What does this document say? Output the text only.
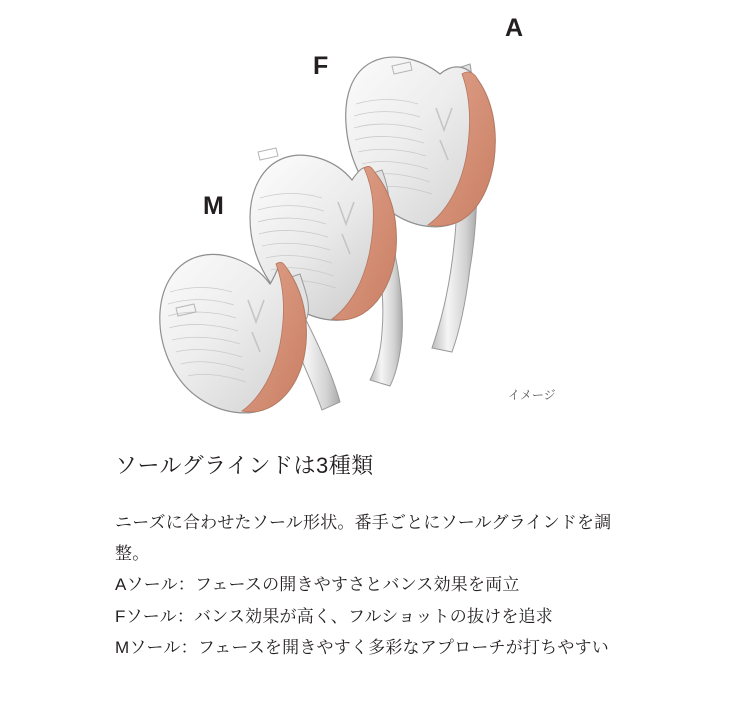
A
F
M
イメージ
ソールグラインドは3種類

ニーズに合わせたソール形状。番手ごとにソールグラインドを調整。

Aソール：フェースの開きやすさとバンス効果を両立

Fソール：バンス効果が高く、フルショットの抜けを追求

Mソール：フェースを開きやすく多彩なアプローチが打ちやすい
